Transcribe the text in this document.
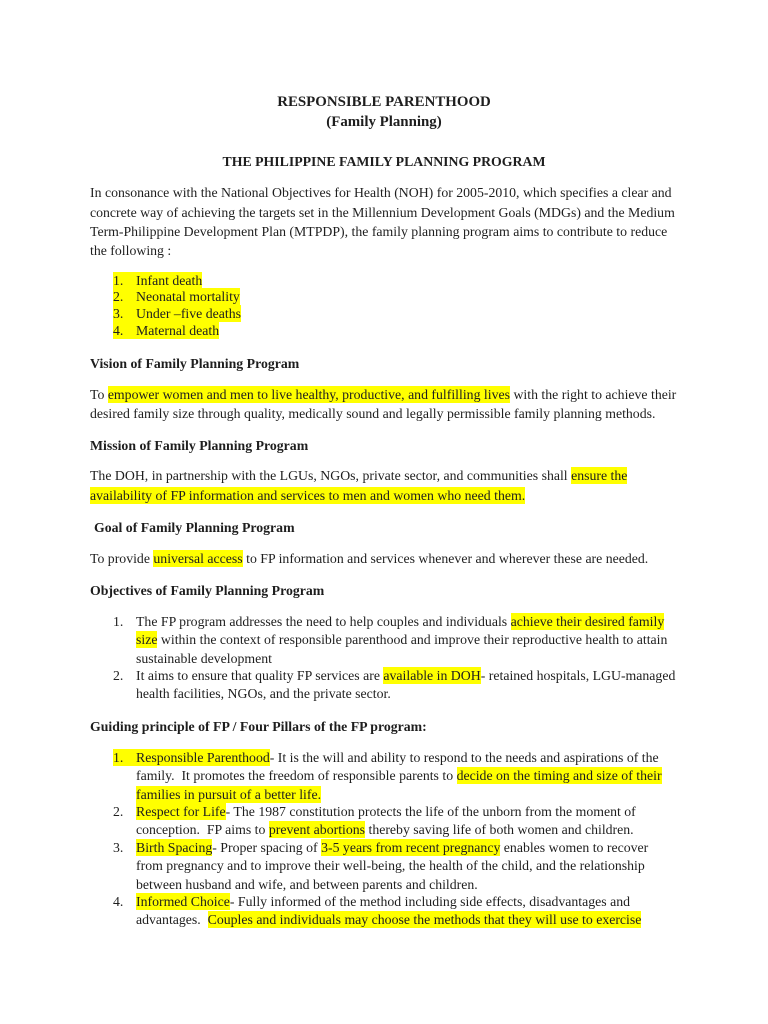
RESPONSIBLE PARENTHOOD
(Family Planning)
THE PHILIPPINE FAMILY PLANNING PROGRAM
In consonance with the National Objectives for Health (NOH) for 2005-2010, which specifies a clear and
concrete way of achieving the targets set in the Millennium Development Goals (MDGs) and the Medium
Term-Philippine Development Plan (MTPDP), the family planning program aims to contribute to reduce
the following :
1. Infant death
2. Neonatal mortality
3. Under –five deaths
4. Maternal death
Vision of Family Planning Program
To empower women and men to live healthy, productive, and fulfilling lives with the right to achieve their
desired family size through quality, medically sound and legally permissible family planning methods.
Mission of Family Planning Program
The DOH, in partnership with the LGUs, NGOs, private sector, and communities shall ensure the
availability of FP information and services to men and women who need them.
Goal of Family Planning Program
To provide universal access to FP information and services whenever and wherever these are needed.
Objectives of Family Planning Program
1. The FP program addresses the need to help couples and individuals achieve their desired family
size within the context of responsible parenthood and improve their reproductive health to attain
sustainable development
2. It aims to ensure that quality FP services are available in DOH- retained hospitals, LGU-managed
health facilities, NGOs, and the private sector.
Guiding principle of FP / Four Pillars of the FP program:
1. Responsible Parenthood- It is the will and ability to respond to the needs and aspirations of the
family.  It promotes the freedom of responsible parents to decide on the timing and size of their
families in pursuit of a better life.
2. Respect for Life- The 1987 constitution protects the life of the unborn from the moment of
conception.  FP aims to prevent abortions thereby saving life of both women and children.
3. Birth Spacing- Proper spacing of 3-5 years from recent pregnancy enables women to recover
from pregnancy and to improve their well-being, the health of the child, and the relationship
between husband and wife, and between parents and children.
4. Informed Choice- Fully informed of the method including side effects, disadvantages and
advantages.  Couples and individuals may choose the methods that they will use to exercise
